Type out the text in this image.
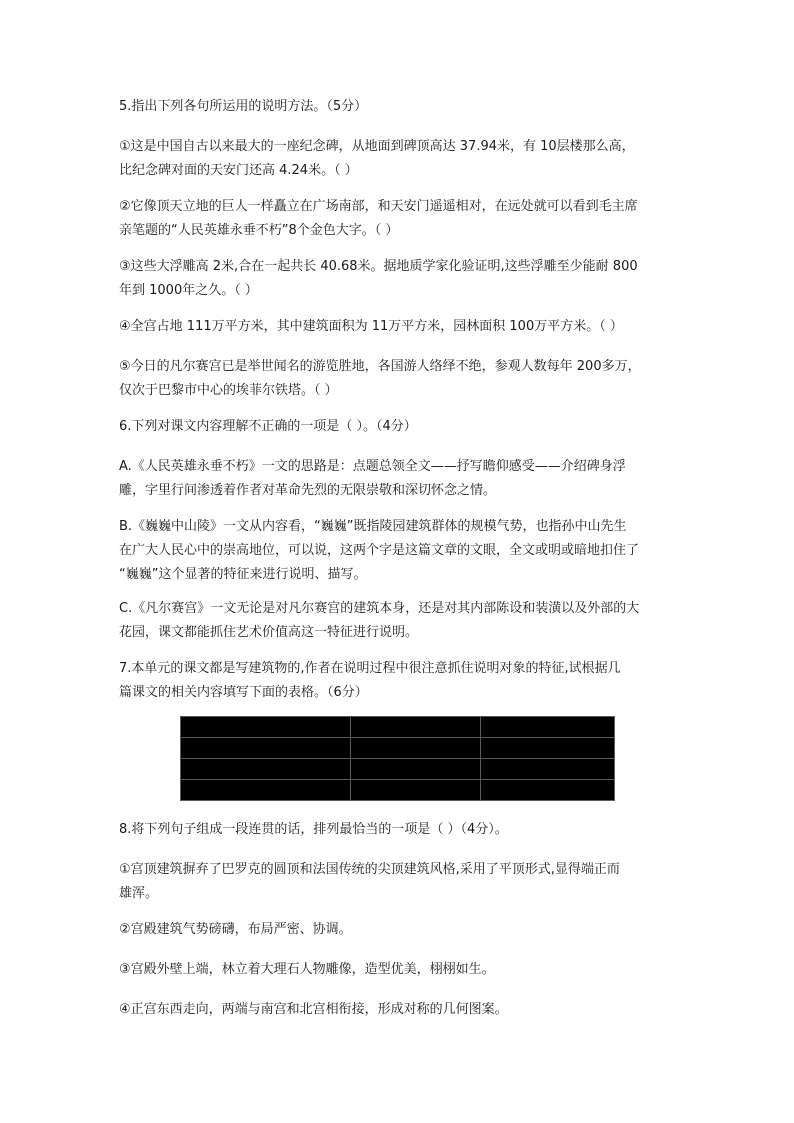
5.指出下列各句所运用的说明方法。（5分）

①这是中国自古以来最大的一座纪念碑，从地面到碑顶高达 37.94米，有 10层楼那么高，
比纪念碑对面的天安门还高 4.24米。（ ）

②它像顶天立地的巨人一样矗立在广场南部，和天安门遥遥相对，在远处就可以看到毛主席
亲笔题的“人民英雄永垂不朽”8个金色大字。（ ）

③这些大浮雕高 2米,合在一起共长 40.68米。据地质学家化验证明,这些浮雕至少能耐 800
年到 1000年之久。（ ）

④全宫占地 111万平方米，其中建筑面积为 11万平方米，园林面积 100万平方米。（ ）

⑤今日的凡尔赛宫已是举世闻名的游览胜地，各国游人络绎不绝，参观人数每年 200多万，
仅次于巴黎市中心的埃菲尔铁塔。（ ）

6.下列对课文内容理解不正确的一项是（ ）。（4分）

A.《人民英雄永垂不朽》一文的思路是：点题总领全文——抒写瞻仰感受——介绍碑身浮
雕，字里行间渗透着作者对革命先烈的无限崇敬和深切怀念之情。

B.《巍巍中山陵》一文从内容看，“巍巍”既指陵园建筑群体的规模气势，也指孙中山先生
在广大人民心中的崇高地位，可以说，这两个字是这篇文章的文眼，全文或明或暗地扣住了
“巍巍”这个显著的特征来进行说明、描写。

C.《凡尔赛宫》一文无论是对凡尔赛宫的建筑本身，还是对其内部陈设和装潢以及外部的大
花园，课文都能抓住艺术价值高这一特征进行说明。

7.本单元的课文都是写建筑物的,作者在说明过程中很注意抓住说明对象的特征,试根据几
篇课文的相关内容填写下面的表格。（6分）

8.将下列句子组成一段连贯的话，排列最恰当的一项是（ ）（4分）。

①宫顶建筑摒弃了巴罗克的圆顶和法国传统的尖顶建筑风格,采用了平顶形式,显得端正而
雄浑。

②宫殿建筑气势磅礴，布局严密、协调。

③宫殿外壁上端，林立着大理石人物雕像，造型优美，栩栩如生。

④正宫东西走向，两端与南宫和北宫相衔接，形成对称的几何图案。
